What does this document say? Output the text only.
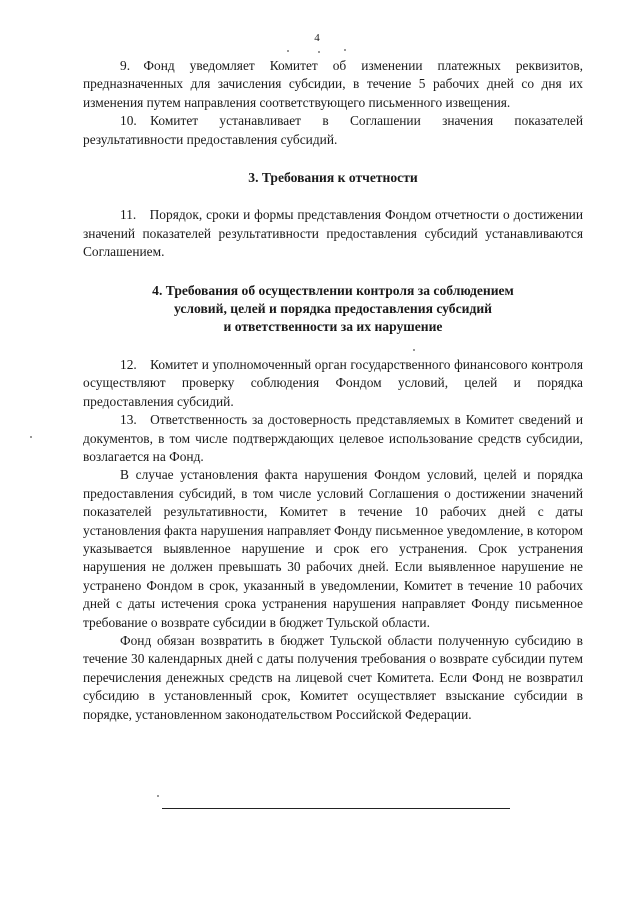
4

9. Фонд уведомляет Комитет об изменении платежных реквизитов, предназначенных для зачисления субсидии, в течение 5 рабочих дней со дня их изменения путем направления соответствующего письменного извещения.

10. Комитет устанавливает в Соглашении значения показателей результативности предоставления субсидий.

3. Требования к отчетности

11. Порядок, сроки и формы представления Фондом отчетности о достижении значений показателей результативности предоставления субсидий устанавливаются Соглашением.

4. Требования об осуществлении контроля за соблюдением

условий, целей и порядка предоставления субсидий

и ответственности за их нарушение

12. Комитет и уполномоченный орган государственного финансового контроля осуществляют проверку соблюдения Фондом условий, целей и порядка предоставления субсидий.

13. Ответственность за достоверность представляемых в Комитет сведений и документов, в том числе подтверждающих целевое использование средств субсидии, возлагается на Фонд.

В случае установления факта нарушения Фондом условий, целей и порядка предоставления субсидий, в том числе условий Соглашения о достижении значений показателей результативности, Комитет в течение 10 рабочих дней с даты установления факта нарушения направляет Фонду письменное уведомление, в котором указывается выявленное нарушение и срок его устранения. Срок устранения нарушения не должен превышать 30 рабочих дней. Если выявленное нарушение не устранено Фондом в срок, указанный в уведомлении, Комитет в течение 10 рабочих дней с даты истечения срока устранения нарушения направляет Фонду письменное требование о возврате субсидии в бюджет Тульской области.

Фонд обязан возвратить в бюджет Тульской области полученную субсидию в течение 30 календарных дней с даты получения требования о возврате субсидии путем перечисления денежных средств на лицевой счет Комитета. Если Фонд не возвратил субсидию в установленный срок, Комитет осуществляет взыскание субсидии в порядке, установленном законодательством Российской Федерации.
